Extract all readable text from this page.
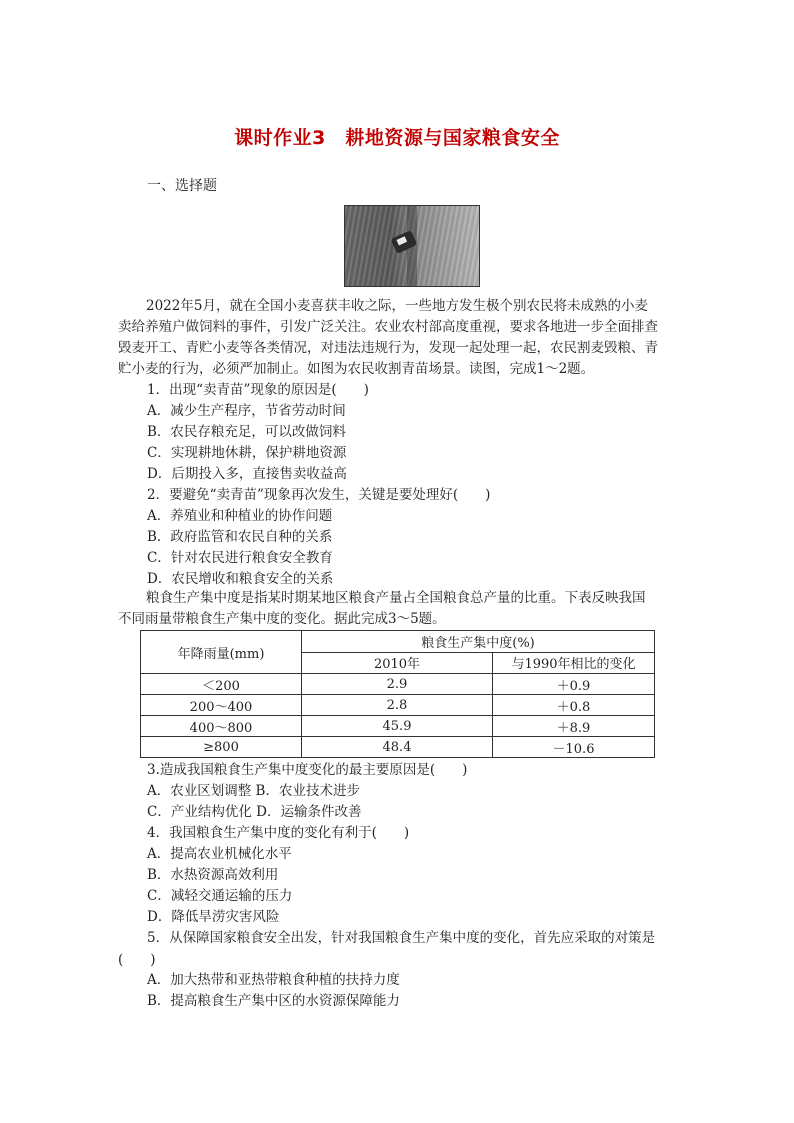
课时作业3　耕地资源与国家粮食安全
一、选择题
2022年5月，就在全国小麦喜获丰收之际，一些地方发生极个别农民将未成熟的小麦卖给养殖户做饲料的事件，引发广泛关注。农业农村部高度重视，要求各地进一步全面排查毁麦开工、青贮小麦等各类情况，对违法违规行为，发现一起处理一起，农民割麦毁粮、青贮小麦的行为，必须严加制止。如图为农民收割青苗场景。读图，完成1～2题。
1．出现“卖青苗”现象的原因是(　　)
A．减少生产程序，节省劳动时间
B．农民存粮充足，可以改做饲料
C．实现耕地休耕，保护耕地资源
D．后期投入多，直接售卖收益高
2．要避免“卖青苗”现象再次发生，关键是要处理好(　　)
A．养殖业和种植业的协作问题
B．政府监管和农民自种的关系
C．针对农民进行粮食安全教育
D．农民增收和粮食安全的关系
粮食生产集中度是指某时期某地区粮食产量占全国粮食总产量的比重。下表反映我国不同雨量带粮食生产集中度的变化。据此完成3～5题。
年降雨量(mm)	粮食生产集中度(%)	
	2010年	与1990年相比的变化
＜200	2.9	＋0.9
200～400	2.8	＋0.8
400～800	45.9	＋8.9
≥800	48.4	－10.6
3.造成我国粮食生产集中度变化的最主要原因是(　　)
A．农业区划调整 B．农业技术进步
C．产业结构优化 D．运输条件改善
4．我国粮食生产集中度的变化有利于(　　)
A．提高农业机械化水平
B．水热资源高效利用
C．减轻交通运输的压力
D．降低旱涝灾害风险
5．从保障国家粮食安全出发，针对我国粮食生产集中度的变化，首先应采取的对策是
(　　)
A．加大热带和亚热带粮食种植的扶持力度
B．提高粮食生产集中区的水资源保障能力
